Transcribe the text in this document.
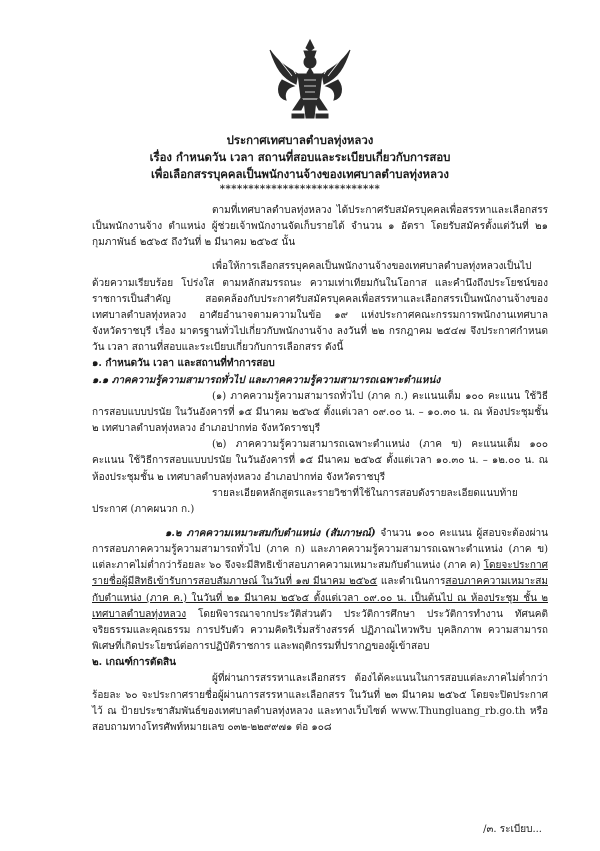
ประกาศเทศบาลตำบลทุ่งหลวง
เรื่อง กำหนดวัน เวลา สถานที่สอบและระเบียบเกี่ยวกับการสอบ
เพื่อเลือกสรรบุคคลเป็นพนักงานจ้างของเทศบาลตำบลทุ่งหลวง
****************************

ตามที่เทศบาลตำบลทุ่งหลวง ได้ประกาศรับสมัครบุคคลเพื่อสรรหาและเลือกสรรเป็นพนักงานจ้าง ตำแหน่ง ผู้ช่วยเจ้าพนักงานจัดเก็บรายได้ จำนวน ๑ อัตรา โดยรับสมัครตั้งแต่วันที่ ๒๑ กุมภาพันธ์ ๒๕๖๕ ถึงวันที่ ๒ มีนาคม ๒๕๖๕ นั้น

เพื่อให้การเลือกสรรบุคคลเป็นพนักงานจ้างของเทศบาลตำบลทุ่งหลวงเป็นไปด้วยความเรียบร้อย โปร่งใส ตามหลักสมรรถนะ ความเท่าเทียมกันในโอกาส และคำนึงถึงประโยชน์ของราชการเป็นสำคัญ สอดคล้องกับประกาศรับสมัครบุคคลเพื่อสรรหาและเลือกสรรเป็นพนักงานจ้างของเทศบาลตำบลทุ่งหลวง อาศัยอำนาจตามความในข้อ ๑๙ แห่งประกาศคณะกรรมการพนักงานเทศบาลจังหวัดราชบุรี เรื่อง มาตรฐานทั่วไปเกี่ยวกับพนักงานจ้าง ลงวันที่ ๒๒ กรกฎาคม ๒๕๔๗ จึงประกาศกำหนดวัน เวลา สถานที่สอบและระเบียบเกี่ยวกับการเลือกสรร ดังนี้

๑. กำหนดวัน เวลา และสถานที่ทำการสอบ

๑.๑ ภาคความรู้ความสามารถทั่วไป และภาคความรู้ความสามารถเฉพาะตำแหน่ง

(๑) ภาคความรู้ความสามารถทั่วไป (ภาค ก.) คะแนนเต็ม ๑๐๐ คะแนน ใช้วิธีการสอบแบบปรนัย ในวันอังคารที่ ๑๕ มีนาคม ๒๕๖๕ ตั้งแต่เวลา ๐๙.๐๐ น. – ๑๐.๓๐ น. ณ ห้องประชุมชั้น ๒ เทศบาลตำบลทุ่งหลวง อำเภอปากท่อ จังหวัดราชบุรี

(๒) ภาคความรู้ความสามารถเฉพาะตำแหน่ง (ภาค ข) คะแนนเต็ม ๑๐๐ คะแนน ใช้วิธีการสอบแบบปรนัย ในวันอังคารที่ ๑๕ มีนาคม ๒๕๖๕ ตั้งแต่เวลา ๑๐.๓๐ น. – ๑๒.๐๐ น. ณ ห้องประชุมชั้น ๒ เทศบาลตำบลทุ่งหลวง อำเภอปากท่อ จังหวัดราชบุรี

รายละเอียดหลักสูตรและรายวิชาที่ใช้ในการสอบดังรายละเอียดแนบท้ายประกาศ (ภาคผนวก ก.)

๑.๒ ภาคความเหมาะสมกับตำแหน่ง (สัมภาษณ์) จำนวน ๑๐๐ คะแนน ผู้สอบจะต้องผ่านการสอบภาคความรู้ความสามารถทั่วไป (ภาค ก) และภาคความรู้ความสามารถเฉพาะตำแหน่ง (ภาค ข) แต่ละภาคไม่ต่ำกว่าร้อยละ ๖๐ จึงจะมีสิทธิเข้าสอบภาคความเหมาะสมกับตำแหน่ง (ภาค ค) โดยจะประกาศรายชื่อผู้มีสิทธิเข้ารับการสอบสัมภาษณ์ ในวันที่ ๑๗ มีนาคม ๒๕๖๕ และดำเนินการสอบภาคความเหมาะสมกับตำแหน่ง (ภาค ค.) ในวันที่ ๒๑ มีนาคม ๒๕๖๕ ตั้งแต่เวลา ๐๙.๐๐ น. เป็นต้นไป ณ ห้องประชุม ชั้น ๒ เทศบาลตำบลทุ่งหลวง โดยพิจารณาจากประวัติส่วนตัว ประวัติการศึกษา ประวัติการทำงาน ทัศนคติ จริยธรรมและคุณธรรม การปรับตัว ความคิดริเริ่มสร้างสรรค์ ปฏิภาณไหวพริบ บุคลิกภาพ ความสามารถพิเศษที่เกิดประโยชน์ต่อการปฏิบัติราชการ และพฤติกรรมที่ปรากฏของผู้เข้าสอบ

๒. เกณฑ์การตัดสิน

ผู้ที่ผ่านการสรรหาและเลือกสรร ต้องได้คะแนนในการสอบแต่ละภาคไม่ต่ำกว่าร้อยละ ๖๐ จะประกาศรายชื่อผู้ผ่านการสรรหาและเลือกสรร ในวันที่ ๒๓ มีนาคม ๒๕๖๕ โดยจะปิดประกาศไว้ ณ ป้ายประชาสัมพันธ์ของเทศบาลตำบลทุ่งหลวง และทางเว็บไซต์ www.Thungluang_rb.go.th หรือสอบถามทางโทรศัพท์หมายเลข ๐๓๒-๒๒๙๙๗๑ ต่อ ๑๐๘

/๓. ระเบียบ...
